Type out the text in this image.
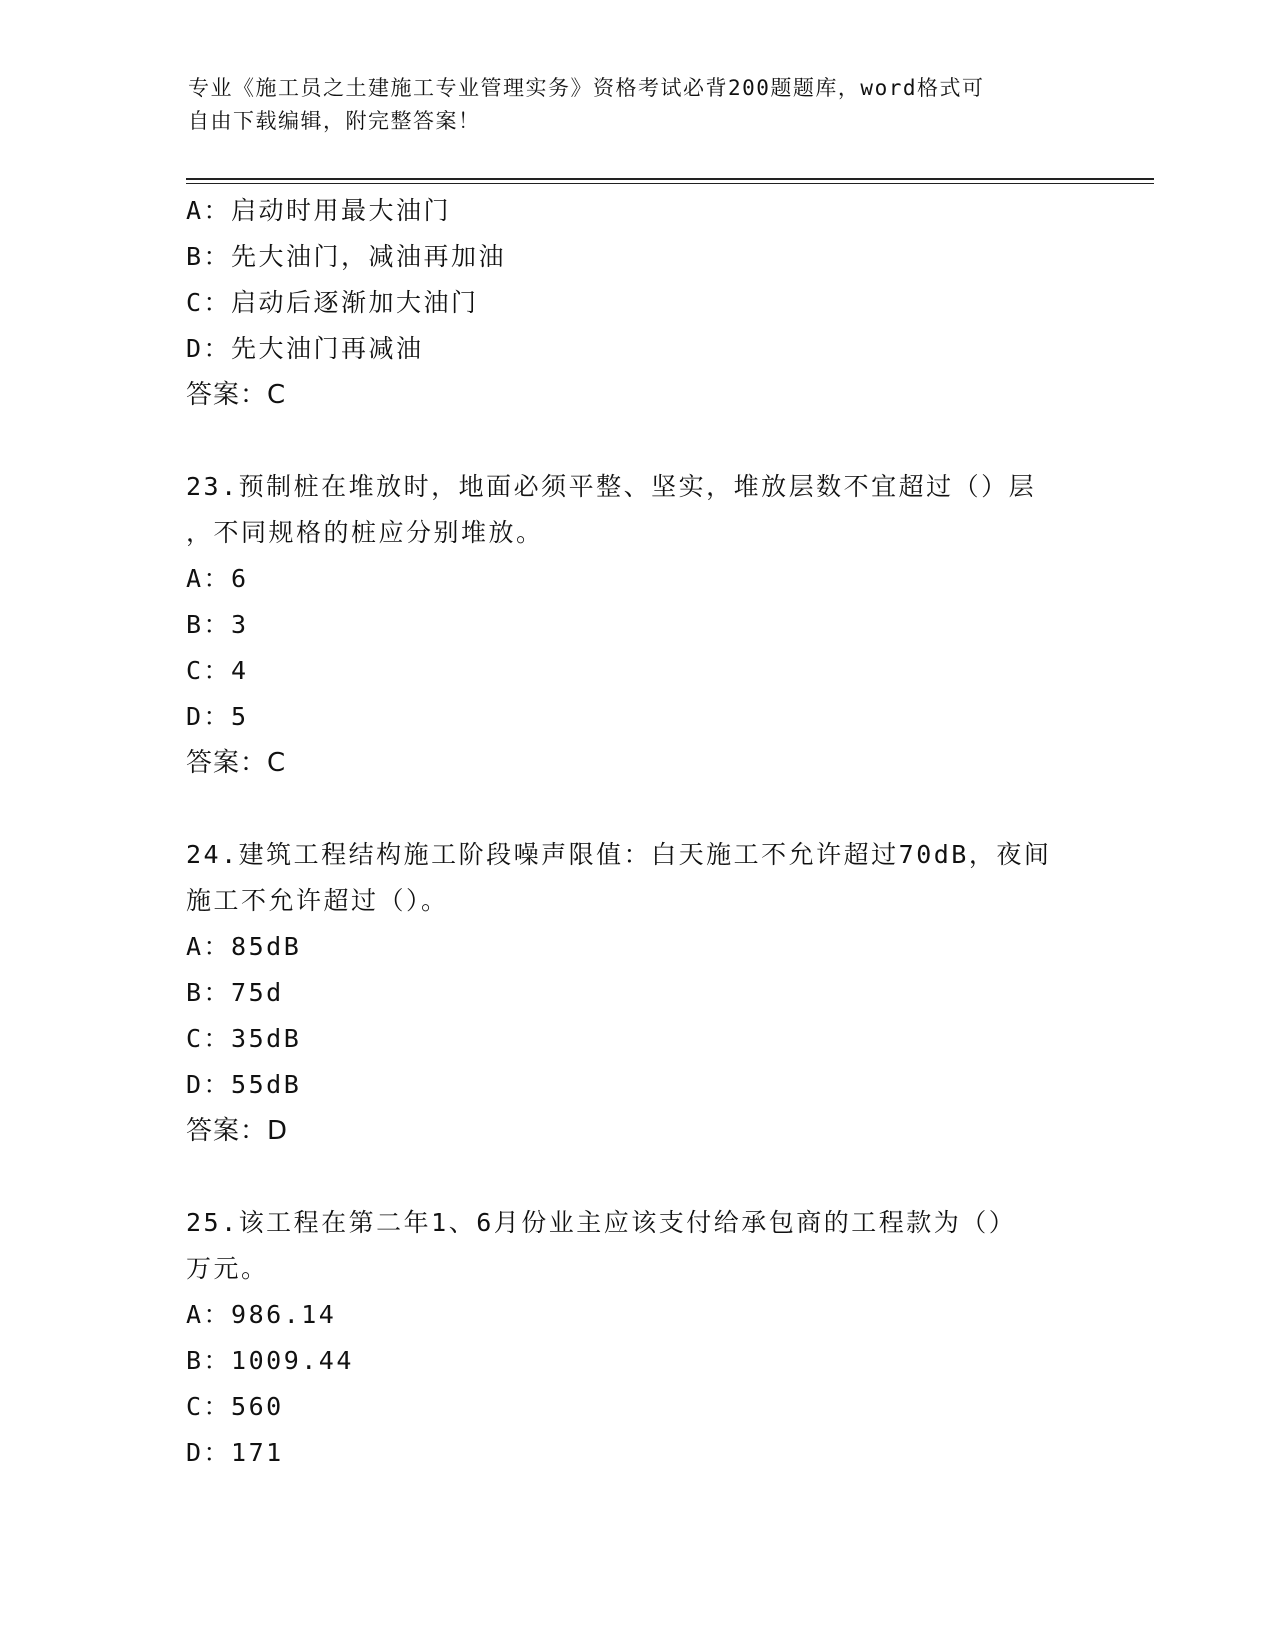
专业《施工员之土建施工专业管理实务》资格考试必背200题题库，word格式可
自由下载编辑，附完整答案！
A：启动时用最大油门
B：先大油门，减油再加油
C：启动后逐渐加大油门
D：先大油门再减油
答案：C
23.预制桩在堆放时，地面必须平整、坚实，堆放层数不宜超过（）层
，不同规格的桩应分别堆放。
A：6
B：3
C：4
D：5
答案：C
24.建筑工程结构施工阶段噪声限值：白天施工不允许超过70dB，夜间
施工不允许超过（）。
A：85dB
B：75d
C：35dB
D：55dB
答案：D
25.该工程在第二年1、6月份业主应该支付给承包商的工程款为（）
万元。
A：986.14
B：1009.44
C：560
D：171
